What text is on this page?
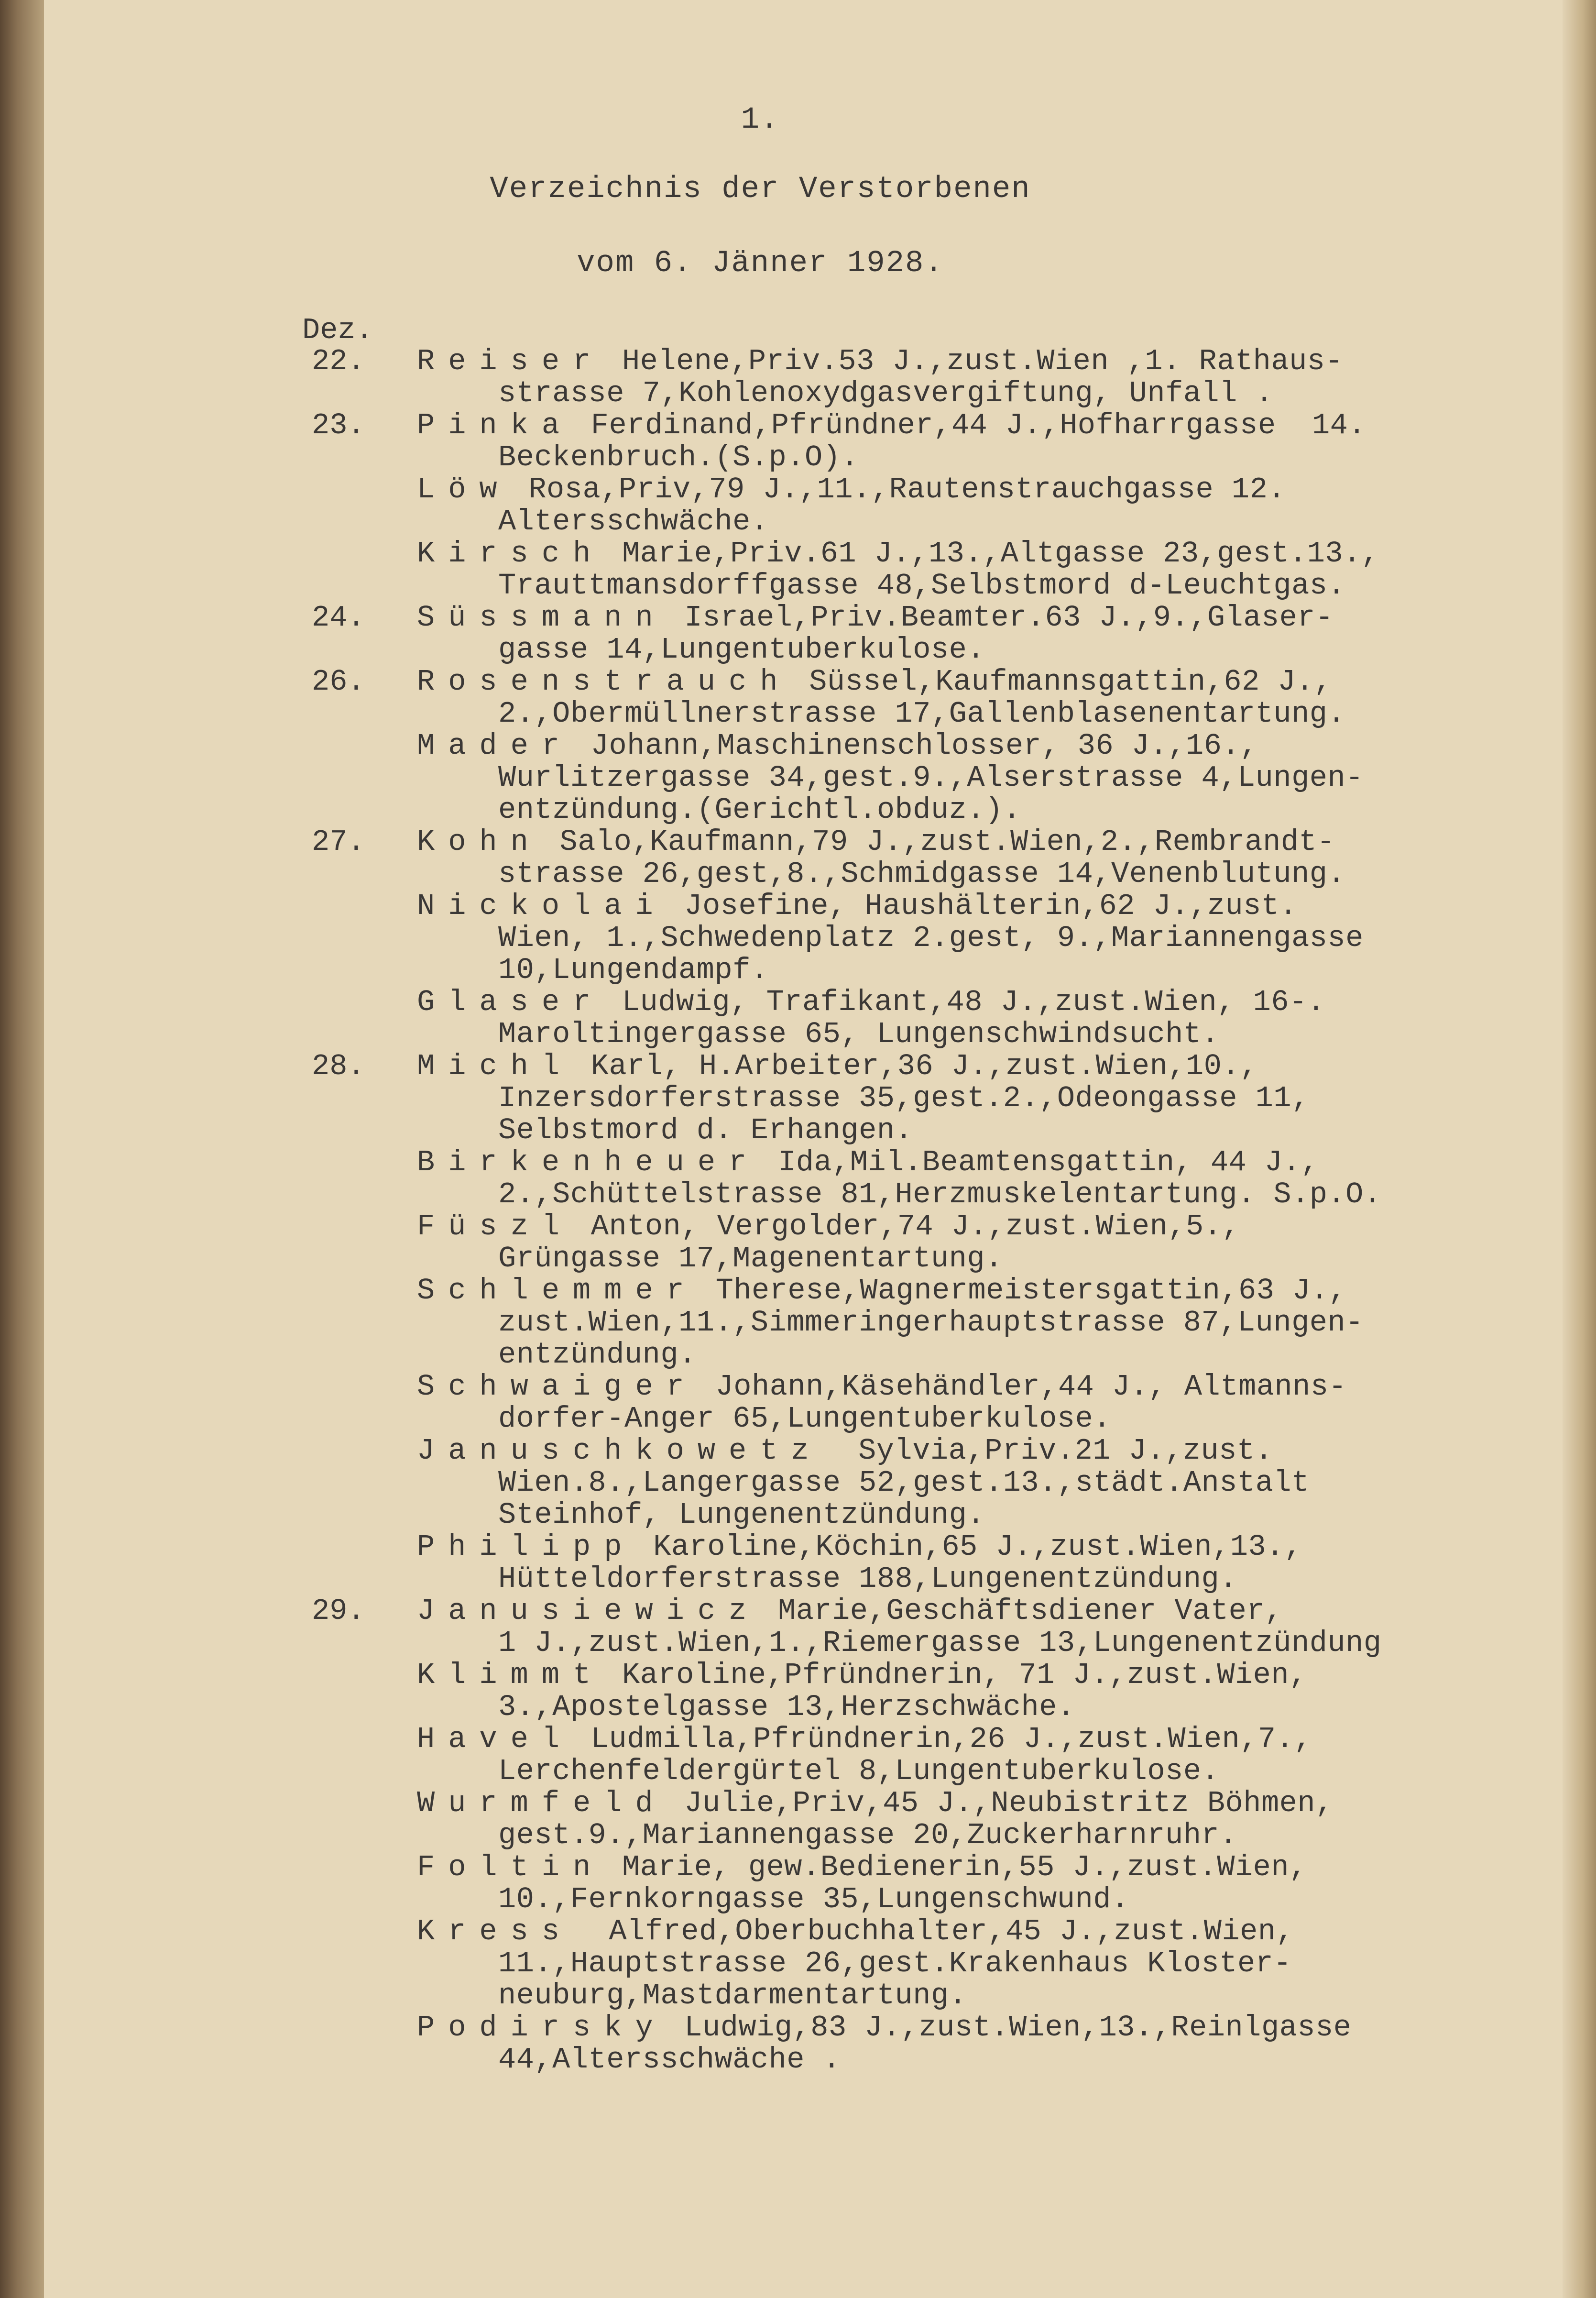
1.
Verzeichnis der Verstorbenen
vom 6. Jänner 1928.
Dez.
22.	Reiser Helene,Priv.53 J.,zust.Wien ,1. Rathaus-
strasse 7,Kohlenoxydgasvergiftung, Unfall .
23.	Pinka Ferdinand,Pfründner,44 J.,Hofharrgasse  14.
Beckenbruch.(S.p.O).
Löw Rosa,Priv,79 J.,11.,Rautenstrauchgasse 12.
Altersschwäche.
Kirsch Marie,Priv.61 J.,13.,Altgasse 23,gest.13.,
Trauttmansdorffgasse 48,Selbstmord d-Leuchtgas.
24.	Süssmann Israel,Priv.Beamter.63 J.,9.,Glaser-
gasse 14,Lungentuberkulose.
26.	Rosenstrauch Süssel,Kaufmannsgattin,62 J.,
2.,Obermüllnerstrasse 17,Gallenblasenentartung.
Mader Johann,Maschinenschlosser, 36 J.,16.,
Wurlitzergasse 34,gest.9.,Alserstrasse 4,Lungen-
entzündung.(Gerichtl.obduz.).
27.	Kohn Salo,Kaufmann,79 J.,zust.Wien,2.,Rembrandt-
strasse 26,gest,8.,Schmidgasse 14,Venenblutung.
Nickolai Josefine, Haushälterin,62 J.,zust.
Wien, 1.,Schwedenplatz 2.gest, 9.,Mariannengasse
10,Lungendampf.
Glaser Ludwig, Trafikant,48 J.,zust.Wien, 16-.
Maroltingergasse 65, Lungenschwindsucht.
28.	Michl Karl, H.Arbeiter,36 J.,zust.Wien,10.,
Inzersdorferstrasse 35,gest.2.,Odeongasse 11,
Selbstmord d. Erhangen.
Birkenheuer Ida,Mil.Beamtensgattin, 44 J.,
2.,Schüttelstrasse 81,Herzmuskelentartung. S.p.O.
Füszl Anton, Vergolder,74 J.,zust.Wien,5.,
Grüngasse 17,Magenentartung.
Schlemmer Therese,Wagnermeistersgattin,63 J.,
zust.Wien,11.,Simmeringerhauptstrasse 87,Lungen-
entzündung.
Schwaiger Johann,Käsehändler,44 J., Altmanns-
dorfer-Anger 65,Lungentuberkulose.
Januschkowetz  Sylvia,Priv.21 J.,zust.
Wien.8.,Langergasse 52,gest.13.,städt.Anstalt
Steinhof, Lungenentzündung.
Philipp Karoline,Köchin,65 J.,zust.Wien,13.,
Hütteldorferstrasse 188,Lungenentzündung.
29.	Janusiewicz Marie,Geschäftsdiener Vater,
1 J.,zust.Wien,1.,Riemergasse 13,Lungenentzündung
Klimmt Karoline,Pfründnerin, 71 J.,zust.Wien,
3.,Apostelgasse 13,Herzschwäche.
Havel Ludmilla,Pfründnerin,26 J.,zust.Wien,7.,
Lerchenfeldergürtel 8,Lungentuberkulose.
Wurmfeld Julie,Priv,45 J.,Neubistritz Böhmen,
gest.9.,Mariannengasse 20,Zuckerharnruhr.
Foltin Marie, gew.Bedienerin,55 J.,zust.Wien,
10.,Fernkorngasse 35,Lungenschwund.
Kress  Alfred,Oberbuchhalter,45 J.,zust.Wien,
11.,Hauptstrasse 26,gest.Krakenhaus Kloster-
neuburg,Mastdarmentartung.
Podirsky Ludwig,83 J.,zust.Wien,13.,Reinlgasse
44,Altersschwäche .
